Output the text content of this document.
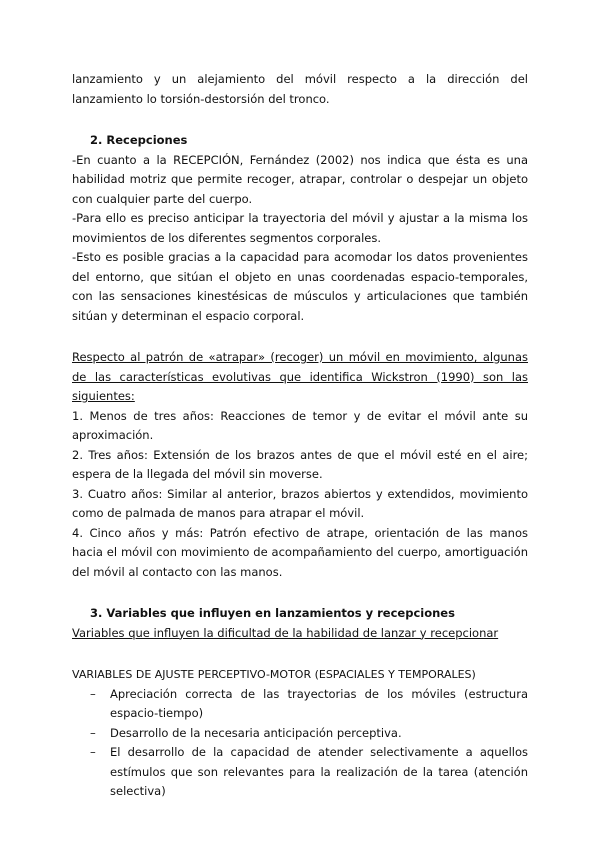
lanzamiento y un alejamiento del móvil respecto a la dirección del lanzamiento lo torsión-destorsión del tronco.

2. Recepciones

-En cuanto a la RECEPCIÓN, Fernández (2002) nos indica que ésta es una habilidad motriz que permite recoger, atrapar, controlar o despejar un objeto con cualquier parte del cuerpo.

-Para ello es preciso anticipar la trayectoria del móvil y ajustar a la misma los movimientos de los diferentes segmentos corporales.

-Esto es posible gracias a la capacidad para acomodar los datos provenientes del entorno, que sitúan el objeto en unas coordenadas espacio-temporales, con las sensaciones kinestésicas de músculos y articulaciones que también sitúan y determinan el espacio corporal.

Respecto al patrón de «atrapar» (recoger) un móvil en movimiento, algunas de las características evolutivas que identifica Wickstron (1990) son las siguientes:

1. Menos de tres años: Reacciones de temor y de evitar el móvil ante su aproximación.

2. Tres años: Extensión de los brazos antes de que el móvil esté en el aire; espera de la llegada del móvil sin moverse.

3. Cuatro años: Similar al anterior, brazos abiertos y extendidos, movimiento como de palmada de manos para atrapar el móvil.

4. Cinco años y más: Patrón efectivo de atrape, orientación de las manos hacia el móvil con movimiento de acompañamiento del cuerpo, amortiguación del móvil al contacto con las manos.

3. Variables que influyen en lanzamientos y recepciones

Variables que influyen la dificultad de la habilidad de lanzar y recepcionar

VARIABLES DE AJUSTE PERCEPTIVO-MOTOR (ESPACIALES Y TEMPORALES)

– Apreciación correcta de las trayectorias de los móviles (estructura espacio-tiempo)
– Desarrollo de la necesaria anticipación perceptiva.
– El desarrollo de la capacidad de atender selectivamente a aquellos estímulos que son relevantes para la realización de la tarea (atención selectiva)
